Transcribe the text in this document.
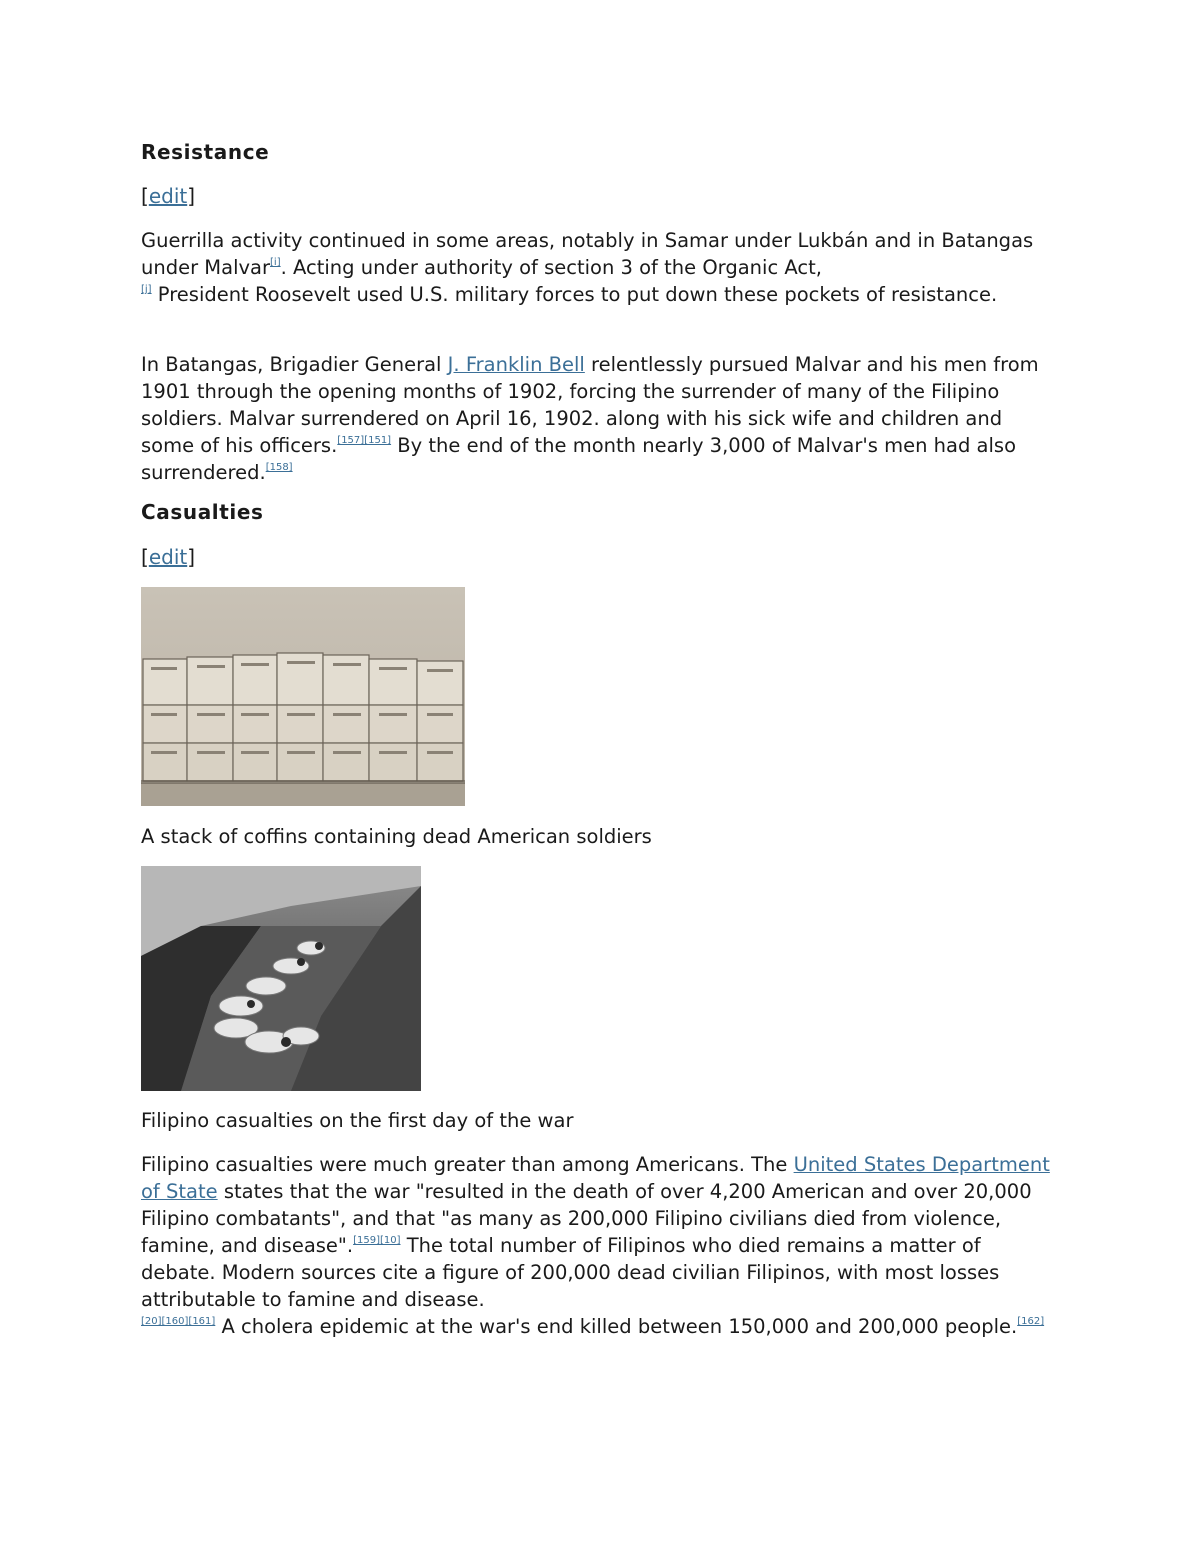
Resistance
[edit]

Guerrilla activity continued in some areas, notably in Samar under Lukbán and in Batangas under Malvar[i]. Acting under authority of section 3 of the Organic Act,
[j] President Roosevelt used U.S. military forces to put down these pockets of resistance.

In Batangas, Brigadier General J. Franklin Bell relentlessly pursued Malvar and his men from 1901 through the opening months of 1902, forcing the surrender of many of the Filipino soldiers. Malvar surrendered on April 16, 1902. along with his sick wife and children and some of his officers.[157][151] By the end of the month nearly 3,000 of Malvar's men had also surrendered.[158]

Casualties
[edit]

A stack of coffins containing dead American soldiers

Filipino casualties on the first day of the war

Filipino casualties were much greater than among Americans. The United States Department of State states that the war "resulted in the death of over 4,200 American and over 20,000 Filipino combatants", and that "as many as 200,000 Filipino civilians died from violence, famine, and disease".[159][10] The total number of Filipinos who died remains a matter of debate. Modern sources cite a figure of 200,000 dead civilian Filipinos, with most losses attributable to famine and disease.
[20][160][161] A cholera epidemic at the war's end killed between 150,000 and 200,000 people.[162]
